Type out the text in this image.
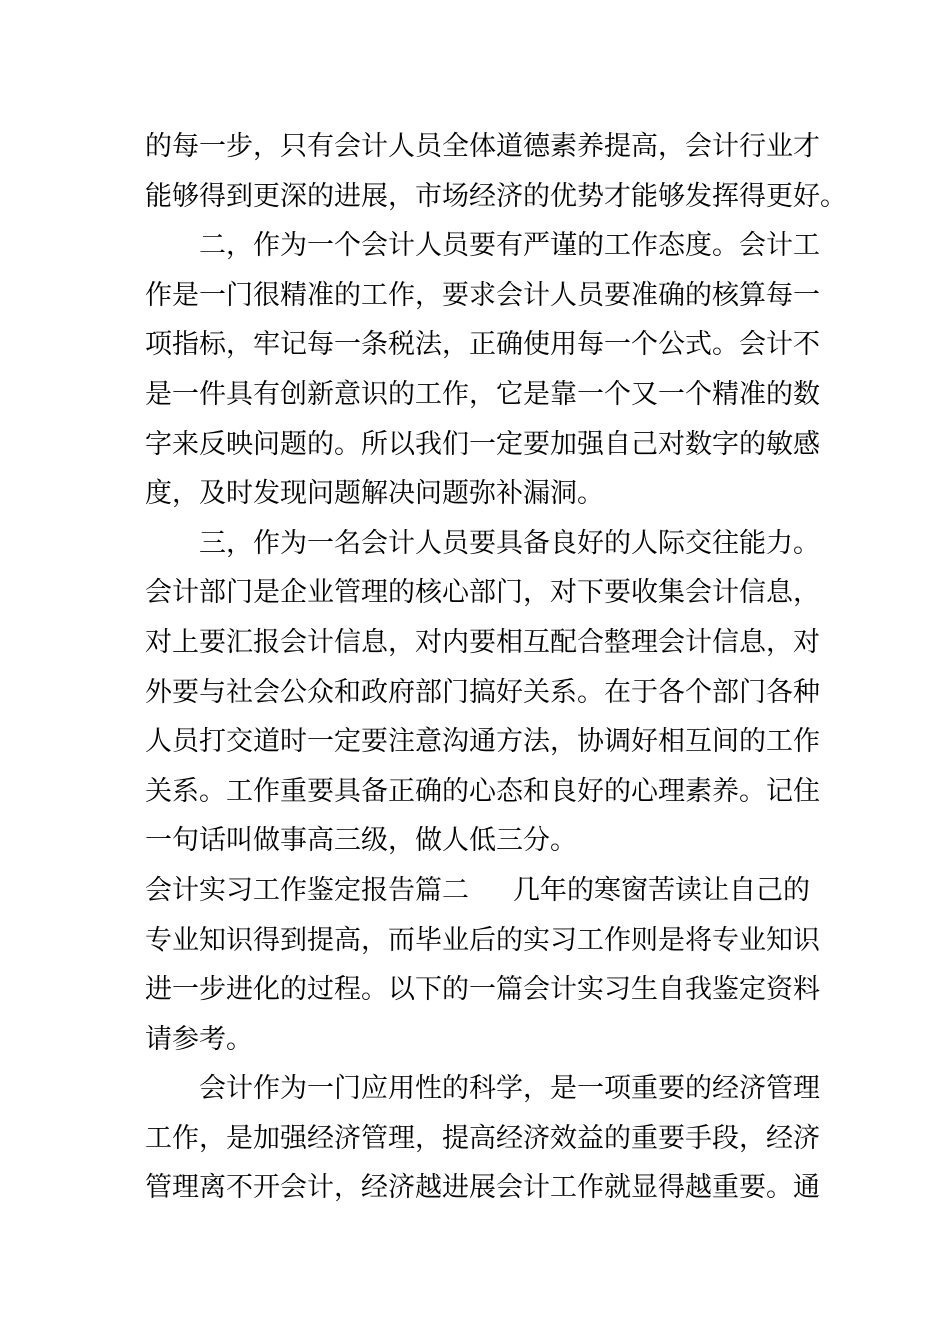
的每一步，只有会计人员全体道德素养提高，会计行业才
能够得到更深的进展，市场经济的优势才能够发挥得更好。
二，作为一个会计人员要有严谨的工作态度。会计工
作是一门很精准的工作，要求会计人员要准确的核算每一
项指标，牢记每一条税法，正确使用每一个公式。会计不
是一件具有创新意识的工作，它是靠一个又一个精准的数
字来反映问题的。所以我们一定要加强自己对数字的敏感
度，及时发现问题解决问题弥补漏洞。
三，作为一名会计人员要具备良好的人际交往能力。
会计部门是企业管理的核心部门，对下要收集会计信息，
对上要汇报会计信息，对内要相互配合整理会计信息，对
外要与社会公众和政府部门搞好关系。在于各个部门各种
人员打交道时一定要注意沟通方法，协调好相互间的工作
关系。工作重要具备正确的心态和良好的心理素养。记住
一句话叫做事高三级，做人低三分。
会计实习工作鉴定报告篇二 几年的寒窗苦读让自己的
专业知识得到提高，而毕业后的实习工作则是将专业知识
进一步进化的过程。以下的一篇会计实习生自我鉴定资料
请参考。
会计作为一门应用性的科学，是一项重要的经济管理
工作，是加强经济管理，提高经济效益的重要手段，经济
管理离不开会计，经济越进展会计工作就显得越重要。通
